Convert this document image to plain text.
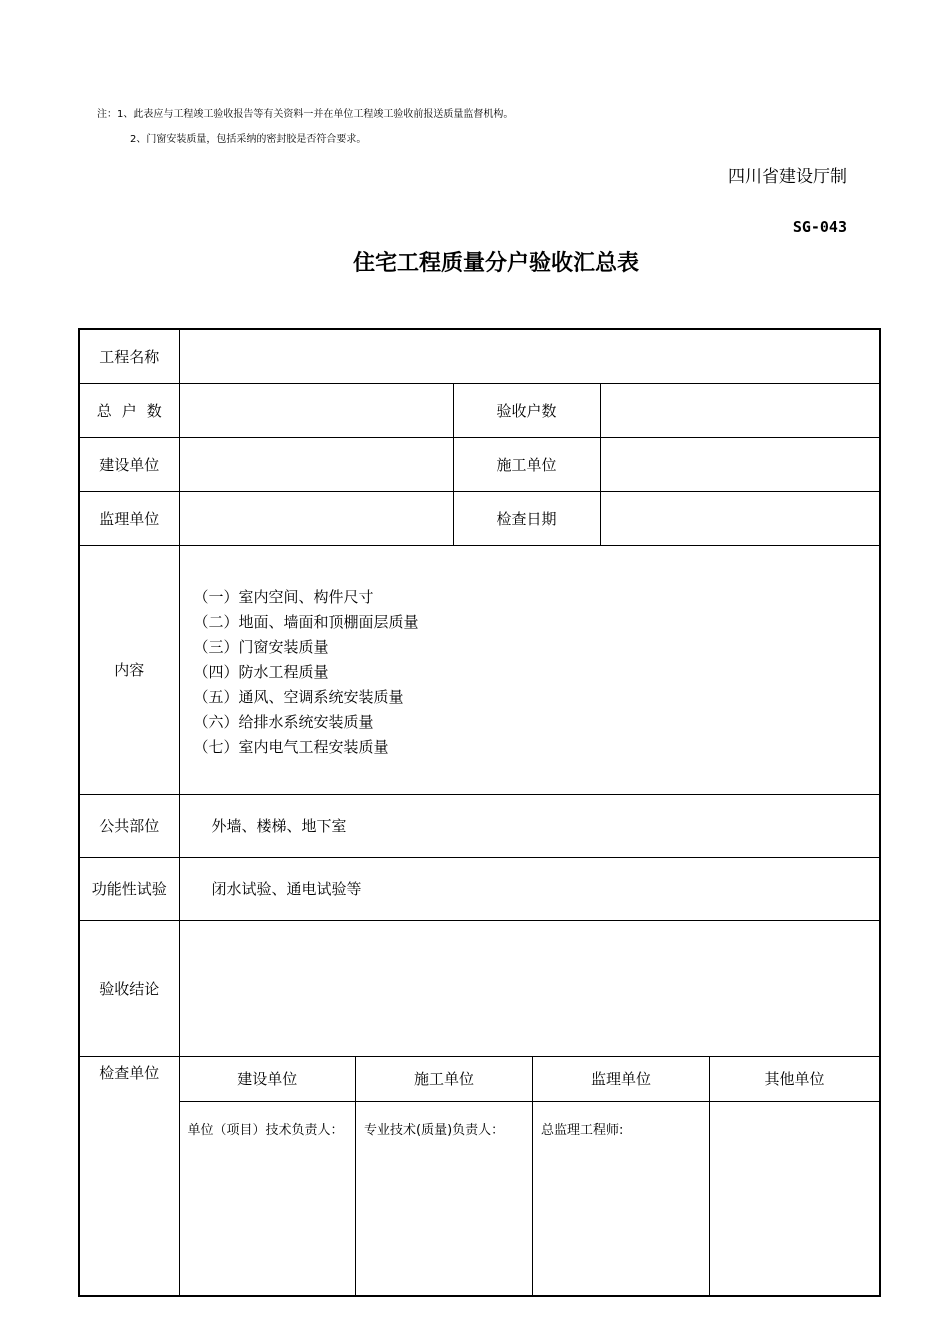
注：1、此表应与工程竣工验收报告等有关资料一并在单位工程竣工验收前报送质量监督机构。
2、门窗安装质量，包括采纳的密封胶是否符合要求。
四川省建设厅制
SG-043
住宅工程质量分户验收汇总表
工程名称	
总户数		验收户数	
建设单位		施工单位	
监理单位		检查日期	
内容	
（一）室内空间、构件尺寸
（二）地面、墙面和顶棚面层质量
（三）门窗安装质量
（四）防水工程质量
（五）通风、空调系统安装质量
（六）给排水系统安装质量
（七）室内电气工程安装质量

公共部位	外墙、楼梯、地下室
功能性试验	闭水试验、通电试验等
验收结论	
检查单位		建设单位	施工单位	监理单位	其他单位
单位（项目）技术负责人：	专业技术(质量)负责人：	总监理工程师:	
